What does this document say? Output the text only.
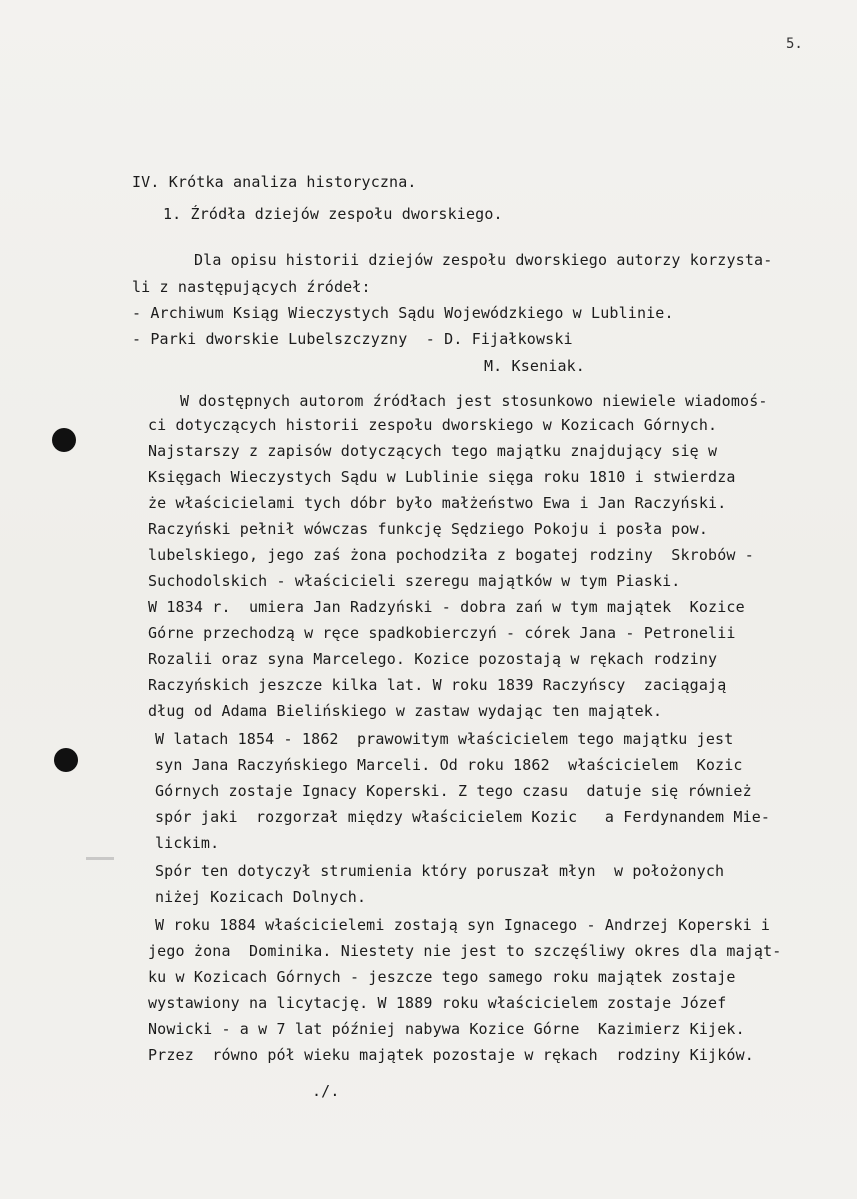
5.
IV. Krótka analiza historyczna.
1. Źródła dziejów zespołu dworskiego.
Dla opisu historii dziejów zespołu dworskiego autorzy korzysta-
li z następujących źródeł:
- Archiwum Ksiąg Wieczystych Sądu Wojewódzkiego w Lublinie.
- Parki dworskie Lubelszczyzny  - D. Fijałkowski
M. Kseniak.
W dostępnych autorom źródłach jest stosunkowo niewiele wiadomoś-
ci dotyczących historii zespołu dworskiego w Kozicach Górnych.
Najstarszy z zapisów dotyczących tego majątku znajdujący się w
Księgach Wieczystych Sądu w Lublinie sięga roku 1810 i stwierdza
że właścicielami tych dóbr było małżeństwo Ewa i Jan Raczyński.
Raczyński pełnił wówczas funkcję Sędziego Pokoju i posła pow.
lubelskiego, jego zaś żona pochodziła z bogatej rodziny  Skrobów -
Suchodolskich - właścicieli szeregu majątków w tym Piaski.
W 1834 r.  umiera Jan Radzyński - dobra zań w tym majątek  Kozice
Górne przechodzą w ręce spadkobierczyń - córek Jana - Petronelii
Rozalii oraz syna Marcelego. Kozice pozostają w rękach rodziny
Raczyńskich jeszcze kilka lat. W roku 1839 Raczyńscy  zaciągają
dług od Adama Bielińskiego w zastaw wydając ten majątek.
W latach 1854 - 1862  prawowitym właścicielem tego majątku jest
syn Jana Raczyńskiego Marceli. Od roku 1862  właścicielem  Kozic
Górnych zostaje Ignacy Koperski. Z tego czasu  datuje się również
spór jaki  rozgorzał między właścicielem Kozic   a Ferdynandem Mie-
lickim.
Spór ten dotyczył strumienia który poruszał młyn  w położonych
niżej Kozicach Dolnych.
W roku 1884 właścicielemi zostają syn Ignacego - Andrzej Koperski i
jego żona  Dominika. Niestety nie jest to szczęśliwy okres dla mająt-
ku w Kozicach Górnych - jeszcze tego samego roku majątek zostaje
wystawiony na licytację. W 1889 roku właścicielem zostaje Józef
Nowicki - a w 7 lat później nabywa Kozice Górne  Kazimierz Kijek.
Przez  równo pół wieku majątek pozostaje w rękach  rodziny Kijków.
./.
